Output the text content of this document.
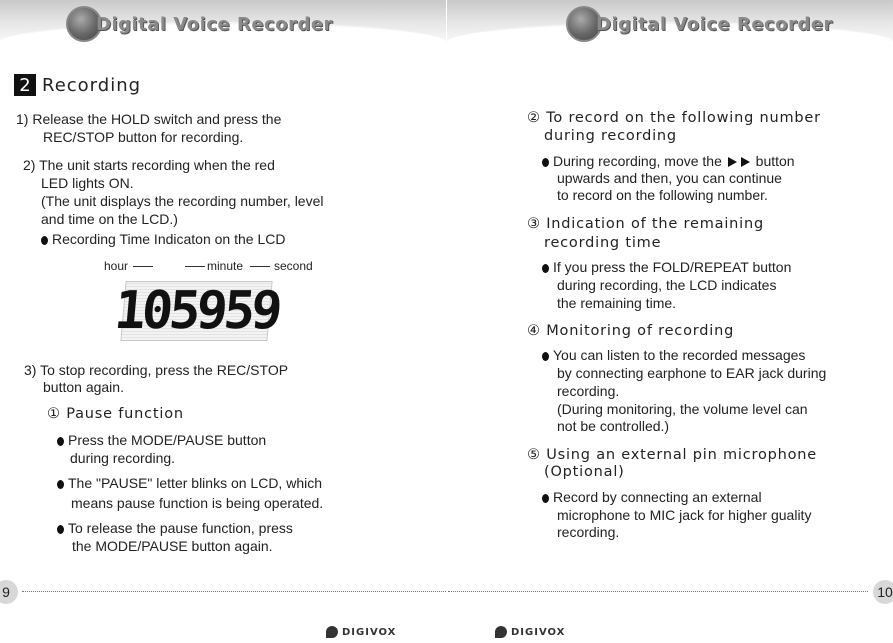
Digital Voice Recorder	Digital Voice Recorder
2 Recording
1) Release the HOLD switch and press the
REC/STOP button for recording.
2) The unit starts recording when the red
LED lights ON.
(The unit displays the recording number, level
and time on the LCD.)
Recording Time Indicaton on the LCD
hour	minute	second
105959
3) To stop recording, press the REC/STOP
button again.
① Pause function
Press the MODE/PAUSE button
during recording.
The "PAUSE" letter blinks on LCD, which
means pause function is being operated.
To release the pause function, press
the MODE/PAUSE button again.
② To record on the following number
during recording
During recording, move the button
upwards and then, you can continue
to record on the following number.
③ Indication of the remaining
recording time
If you press the FOLD/REPEAT button
during recording, the LCD indicates
the remaining time.
④ Monitoring of recording
You can listen to the recorded messages
by connecting earphone to EAR jack during
recording.
(During monitoring, the volume level can
not be controlled.)
⑤ Using an external pin microphone
(Optional)
Record by connecting an external
microphone to MIC jack for higher guality
recording.
9	10
DIGIVOX	DIGIVOX
